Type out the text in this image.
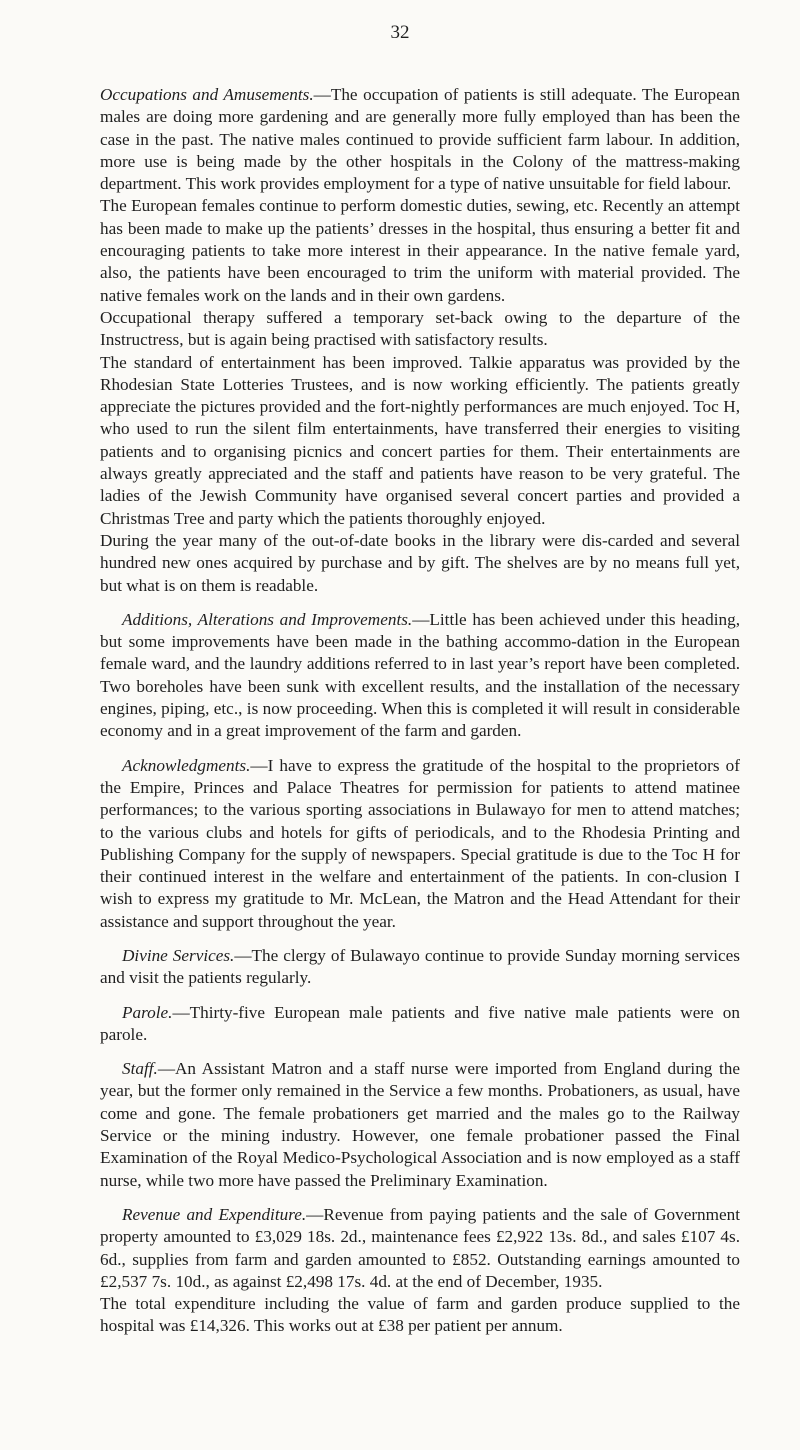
32

Occupations and Amusements.—The occupation of patients is still adequate. The European males are doing more gardening and are generally more fully employed than has been the case in the past. The native males continued to provide sufficient farm labour. In addition, more use is being made by the other hospitals in the Colony of the mattress-making department. This work provides employment for a type of native unsuitable for field labour.

The European females continue to perform domestic duties, sewing, etc. Recently an attempt has been made to make up the patients’ dresses in the hospital, thus ensuring a better fit and encouraging patients to take more interest in their appearance. In the native female yard, also, the patients have been encouraged to trim the uniform with material provided. The native females work on the lands and in their own gardens.

Occupational therapy suffered a temporary set-back owing to the departure of the Instructress, but is again being practised with satisfactory results.

The standard of entertainment has been improved. Talkie apparatus was provided by the Rhodesian State Lotteries Trustees, and is now working efficiently. The patients greatly appreciate the pictures provided and the fort-nightly performances are much enjoyed. Toc H, who used to run the silent film entertainments, have transferred their energies to visiting patients and to organising picnics and concert parties for them. Their entertainments are always greatly appreciated and the staff and patients have reason to be very grateful. The ladies of the Jewish Community have organised several concert parties and provided a Christmas Tree and party which the patients thoroughly enjoyed.

During the year many of the out-of-date books in the library were dis-carded and several hundred new ones acquired by purchase and by gift. The shelves are by no means full yet, but what is on them is readable.

Additions, Alterations and Improvements.—Little has been achieved under this heading, but some improvements have been made in the bathing accommo-dation in the European female ward, and the laundry additions referred to in last year’s report have been completed. Two boreholes have been sunk with excellent results, and the installation of the necessary engines, piping, etc., is now proceeding. When this is completed it will result in considerable economy and in a great improvement of the farm and garden.

Acknowledgments.—I have to express the gratitude of the hospital to the proprietors of the Empire, Princes and Palace Theatres for permission for patients to attend matinee performances; to the various sporting associations in Bulawayo for men to attend matches; to the various clubs and hotels for gifts of periodicals, and to the Rhodesia Printing and Publishing Company for the supply of newspapers. Special gratitude is due to the Toc H for their continued interest in the welfare and entertainment of the patients. In con-clusion I wish to express my gratitude to Mr. McLean, the Matron and the Head Attendant for their assistance and support throughout the year.

Divine Services.—The clergy of Bulawayo continue to provide Sunday morning services and visit the patients regularly.

Parole.—Thirty-five European male patients and five native male patients were on parole.

Staff.—An Assistant Matron and a staff nurse were imported from England during the year, but the former only remained in the Service a few months. Probationers, as usual, have come and gone. The female probationers get married and the males go to the Railway Service or the mining industry. However, one female probationer passed the Final Examination of the Royal Medico-Psychological Association and is now employed as a staff nurse, while two more have passed the Preliminary Examination.

Revenue and Expenditure.—Revenue from paying patients and the sale of Government property amounted to £3,029 18s. 2d., maintenance fees £2,922 13s. 8d., and sales £107 4s. 6d., supplies from farm and garden amounted to £852. Outstanding earnings amounted to £2,537 7s. 10d., as against £2,498 17s. 4d. at the end of December, 1935.

The total expenditure including the value of farm and garden produce supplied to the hospital was £14,326. This works out at £38 per patient per annum.
